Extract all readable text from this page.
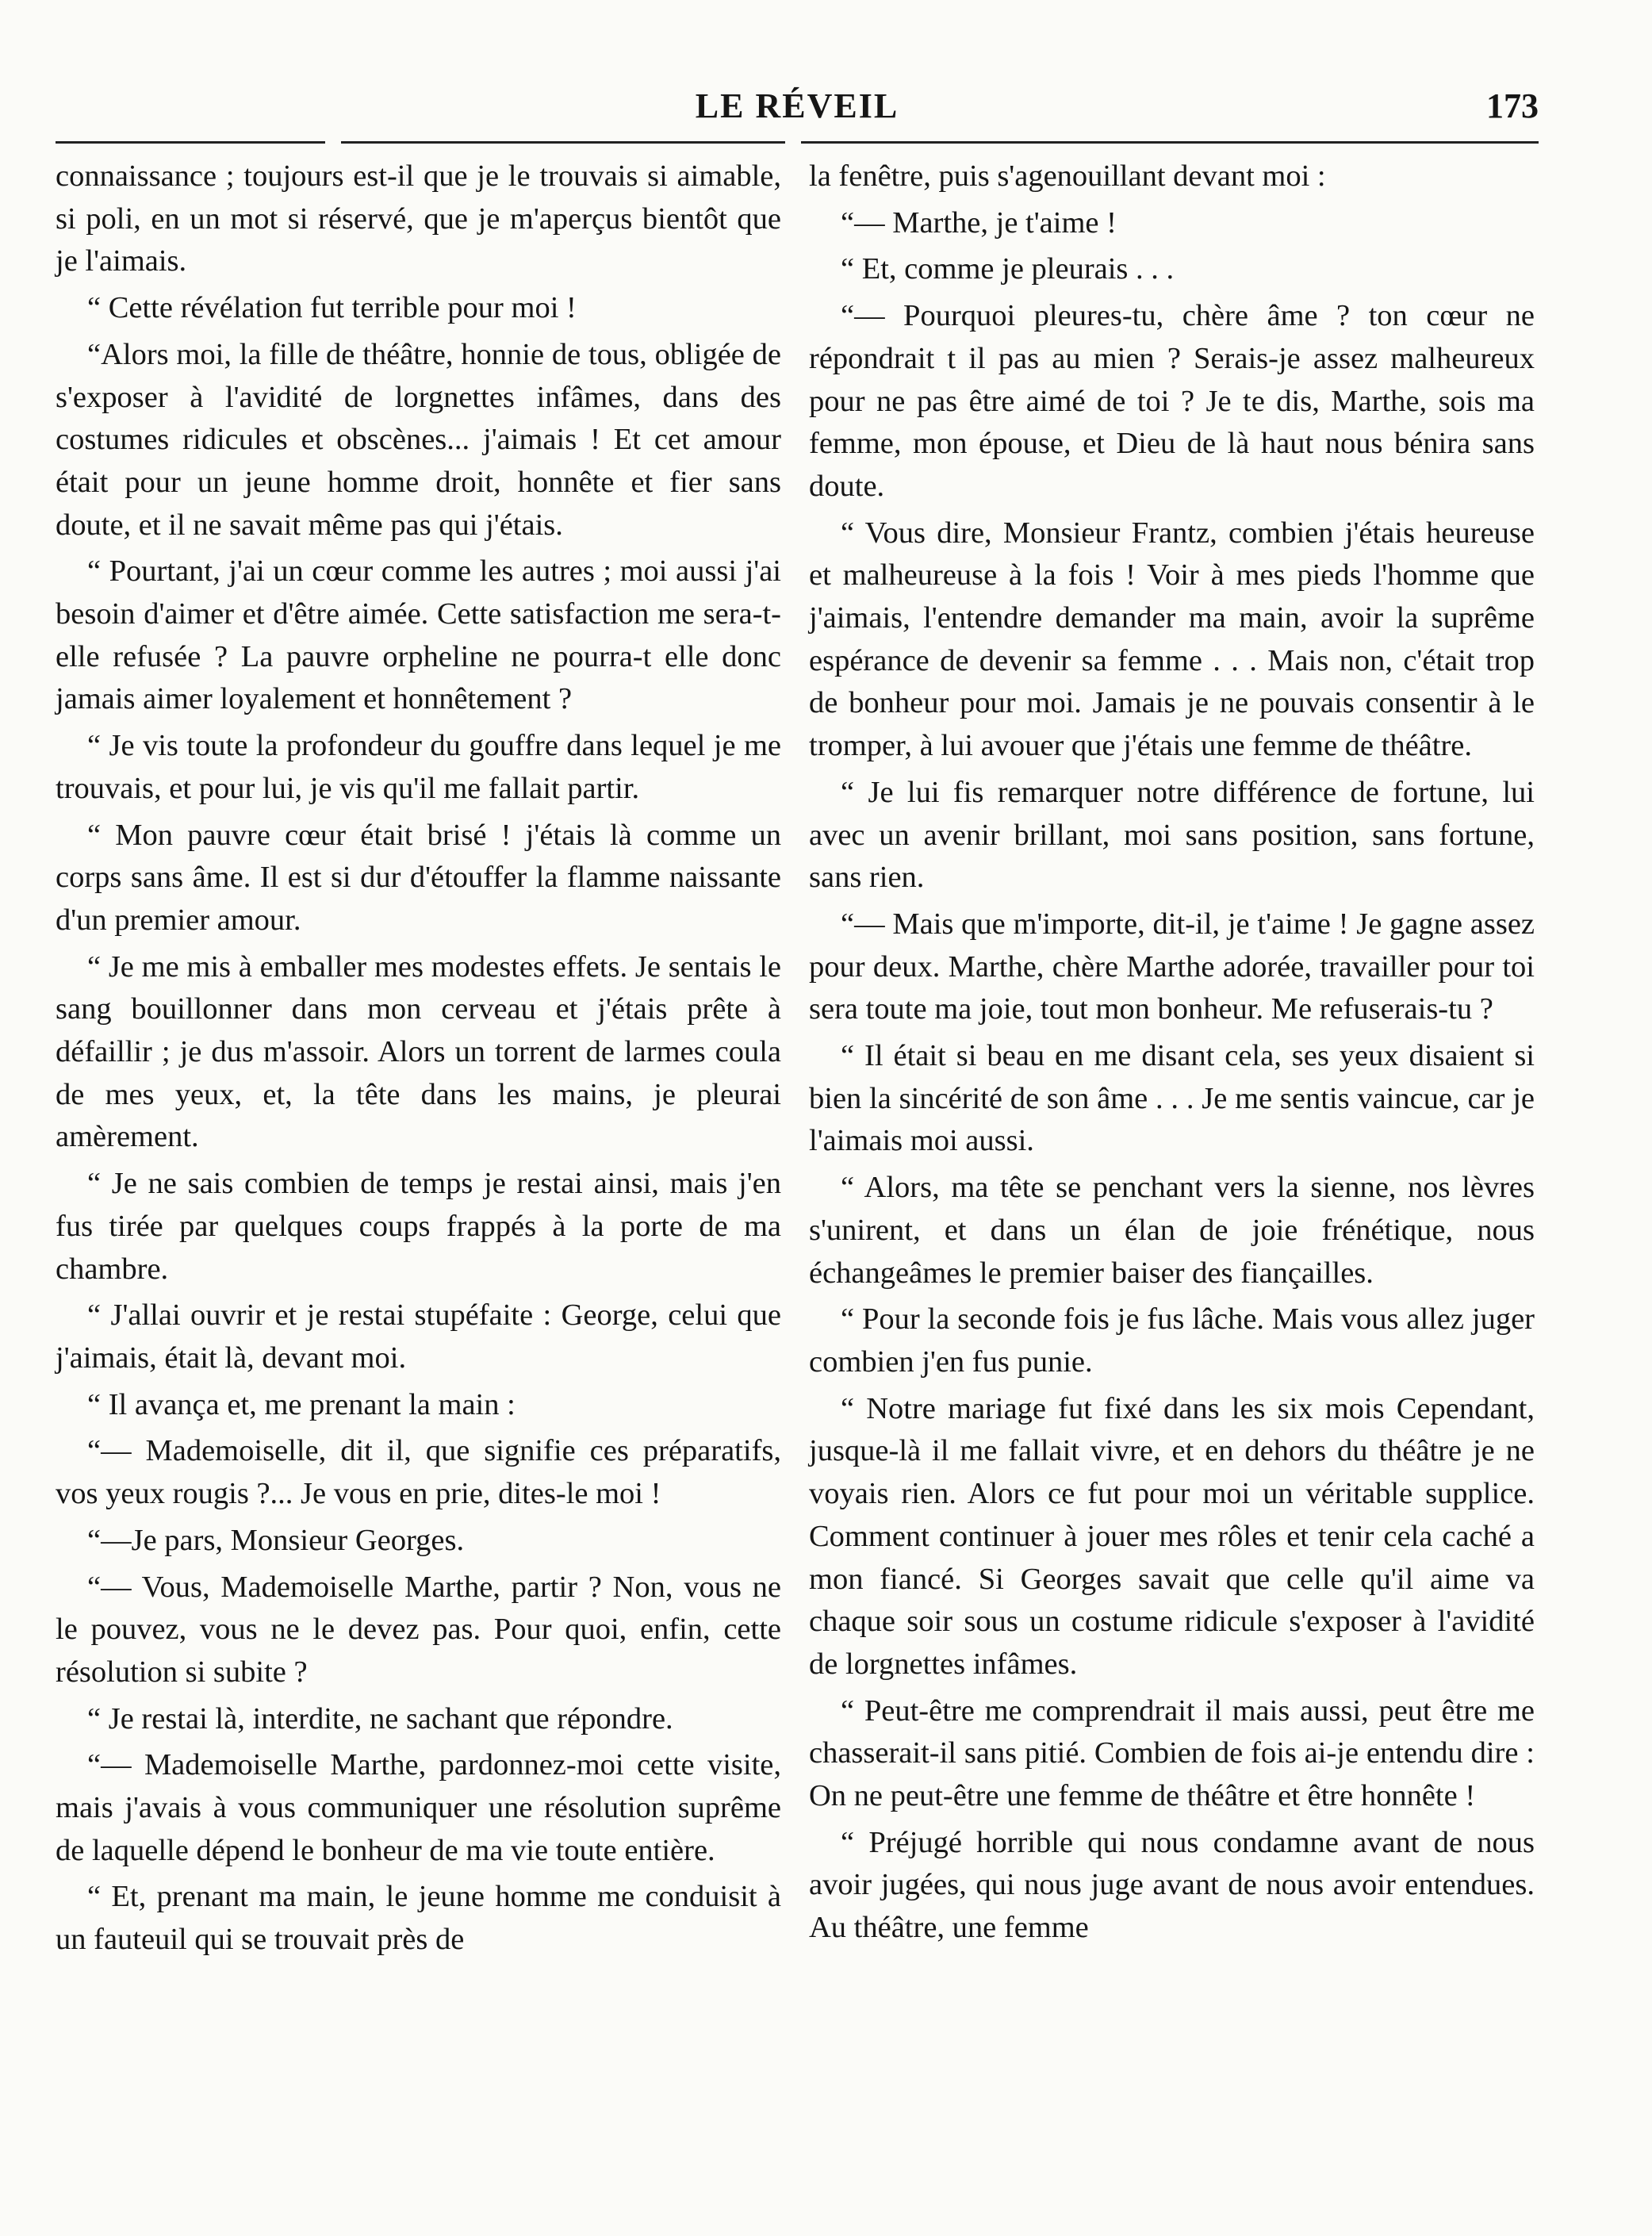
LE RÉVEIL	173

connaissance ; toujours est-il que je le trouvais si aimable, si poli, en un mot si réservé, que je m'aperçus bientôt que je l'aimais.

“ Cette révélation fut terrible pour moi !

“Alors moi, la fille de théâtre, honnie de tous, obligée de s'exposer à l'avidité de lorgnettes infâmes, dans des costumes ridicules et obscènes... j'aimais ! Et cet amour était pour un jeune homme droit, honnête et fier sans doute, et il ne savait même pas qui j'étais.

“ Pourtant, j'ai un cœur comme les autres ; moi aussi j'ai besoin d'aimer et d'être aimée. Cette satisfaction me sera-t-elle refusée ? La pauvre orpheline ne pourra-t elle donc jamais aimer loyalement et honnêtement ?

“ Je vis toute la profondeur du gouffre dans lequel je me trouvais, et pour lui, je vis qu'il me fallait partir.

“ Mon pauvre cœur était brisé ! j'étais là comme un corps sans âme. Il est si dur d'étouffer la flamme naissante d'un premier amour.

“ Je me mis à emballer mes modestes effets. Je sentais le sang bouillonner dans mon cerveau et j'étais prête à défaillir ; je dus m'assoir. Alors un torrent de larmes coula de mes yeux, et, la tête dans les mains, je pleurai amèrement.

“ Je ne sais combien de temps je restai ainsi, mais j'en fus tirée par quelques coups frappés à la porte de ma chambre.

“ J'allai ouvrir et je restai stupéfaite : George, celui que j'aimais, était là, devant moi.

“ Il avança et, me prenant la main :

“— Mademoiselle, dit il, que signifie ces préparatifs, vos yeux rougis ?... Je vous en prie, dites-le moi !

“—Je pars, Monsieur Georges.

“— Vous, Mademoiselle Marthe, partir ? Non, vous ne le pouvez, vous ne le devez pas. Pour quoi, enfin, cette résolution si subite ?

“ Je restai là, interdite, ne sachant que répondre.

“— Mademoiselle Marthe, pardonnez-moi cette visite, mais j'avais à vous communiquer une résolution suprême de laquelle dépend le bonheur de ma vie toute entière.

“ Et, prenant ma main, le jeune homme me conduisit à un fauteuil qui se trouvait près de

la fenêtre, puis s'agenouillant devant moi :

“— Marthe, je t'aime !

“ Et, comme je pleurais . . .

“— Pourquoi pleures-tu, chère âme ? ton cœur ne répondrait t il pas au mien ? Serais-je assez malheureux pour ne pas être aimé de toi ? Je te dis, Marthe, sois ma femme, mon épouse, et Dieu de là haut nous bénira sans doute.

“ Vous dire, Monsieur Frantz, combien j'étais heureuse et malheureuse à la fois ! Voir à mes pieds l'homme que j'aimais, l'entendre demander ma main, avoir la suprême espérance de devenir sa femme . . . Mais non, c'était trop de bonheur pour moi. Jamais je ne pouvais consentir à le tromper, à lui avouer que j'étais une femme de théâtre.

“ Je lui fis remarquer notre différence de fortune, lui avec un avenir brillant, moi sans position, sans fortune, sans rien.

“— Mais que m'importe, dit-il, je t'aime ! Je gagne assez pour deux. Marthe, chère Marthe adorée, travailler pour toi sera toute ma joie, tout mon bonheur. Me refuserais-tu ?

“ Il était si beau en me disant cela, ses yeux disaient si bien la sincérité de son âme . . . Je me sentis vaincue, car je l'aimais moi aussi.

“ Alors, ma tête se penchant vers la sienne, nos lèvres s'unirent, et dans un élan de joie frénétique, nous échangeâmes le premier baiser des fiançailles.

“ Pour la seconde fois je fus lâche. Mais vous allez juger combien j'en fus punie.

“ Notre mariage fut fixé dans les six mois Cependant, jusque-là il me fallait vivre, et en dehors du théâtre je ne voyais rien. Alors ce fut pour moi un véritable supplice. Comment continuer à jouer mes rôles et tenir cela caché a mon fiancé. Si Georges savait que celle qu'il aime va chaque soir sous un costume ridicule s'exposer à l'avidité de lorgnettes infâmes.

“ Peut-être me comprendrait il mais aussi, peut être me chasserait-il sans pitié. Combien de fois ai-je entendu dire : On ne peut-être une femme de théâtre et être honnête !

“ Préjugé horrible qui nous condamne avant de nous avoir jugées, qui nous juge avant de nous avoir entendues. Au théâtre, une femme
